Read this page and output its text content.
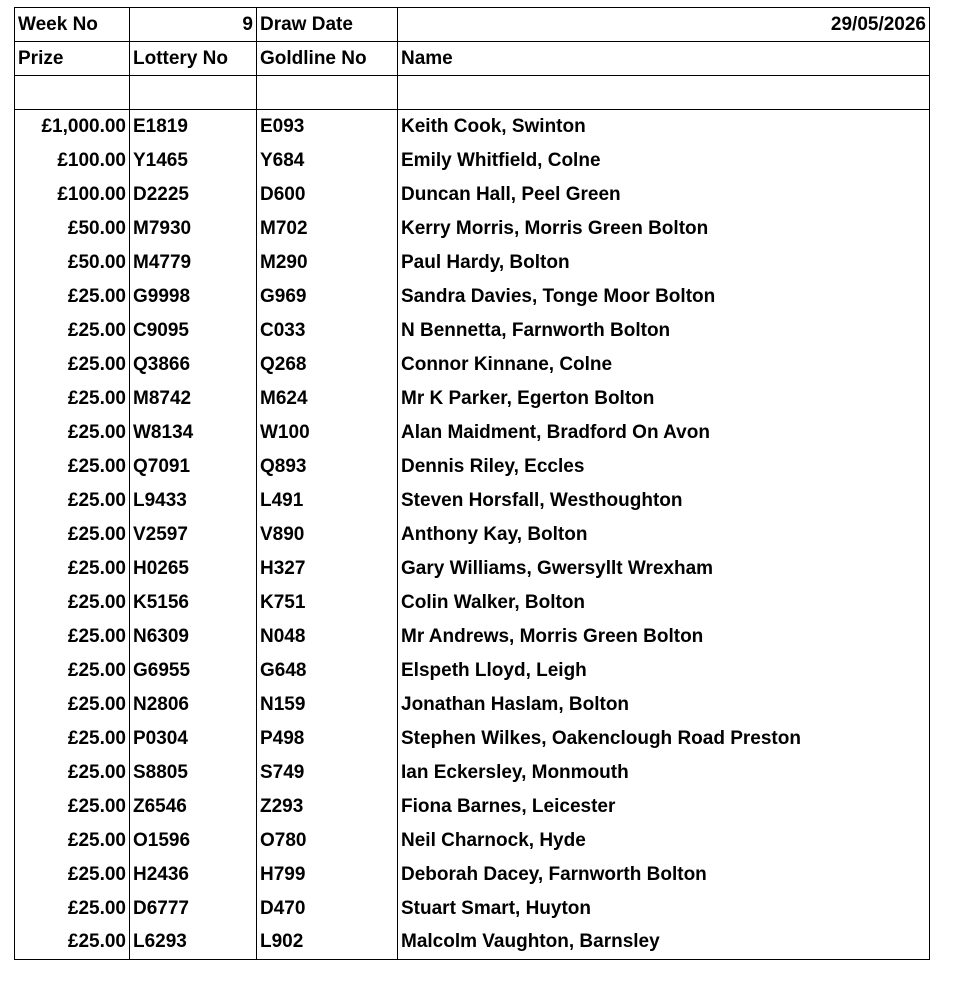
Week No	9	Draw Date	29/05/2026
Prize	Lottery No	Goldline No	Name

£1,000.00	E1819	E093	Keith Cook, Swinton
£100.00	Y1465	Y684	Emily Whitfield, Colne
£100.00	D2225	D600	Duncan Hall, Peel Green
£50.00	M7930	M702	Kerry Morris, Morris Green Bolton
£50.00	M4779	M290	Paul Hardy, Bolton
£25.00	G9998	G969	Sandra Davies, Tonge Moor Bolton
£25.00	C9095	C033	N Bennetta, Farnworth Bolton
£25.00	Q3866	Q268	Connor Kinnane, Colne
£25.00	M8742	M624	Mr K Parker, Egerton Bolton
£25.00	W8134	W100	Alan Maidment, Bradford On Avon
£25.00	Q7091	Q893	Dennis Riley, Eccles
£25.00	L9433	L491	Steven Horsfall, Westhoughton
£25.00	V2597	V890	Anthony Kay, Bolton
£25.00	H0265	H327	Gary Williams, Gwersyllt Wrexham
£25.00	K5156	K751	Colin Walker, Bolton
£25.00	N6309	N048	Mr Andrews, Morris Green Bolton
£25.00	G6955	G648	Elspeth Lloyd, Leigh
£25.00	N2806	N159	Jonathan Haslam, Bolton
£25.00	P0304	P498	Stephen Wilkes, Oakenclough Road Preston
£25.00	S8805	S749	Ian Eckersley, Monmouth
£25.00	Z6546	Z293	Fiona Barnes, Leicester
£25.00	O1596	O780	Neil Charnock, Hyde
£25.00	H2436	H799	Deborah Dacey, Farnworth Bolton
£25.00	D6777	D470	Stuart Smart, Huyton
£25.00	L6293	L902	Malcolm Vaughton, Barnsley
